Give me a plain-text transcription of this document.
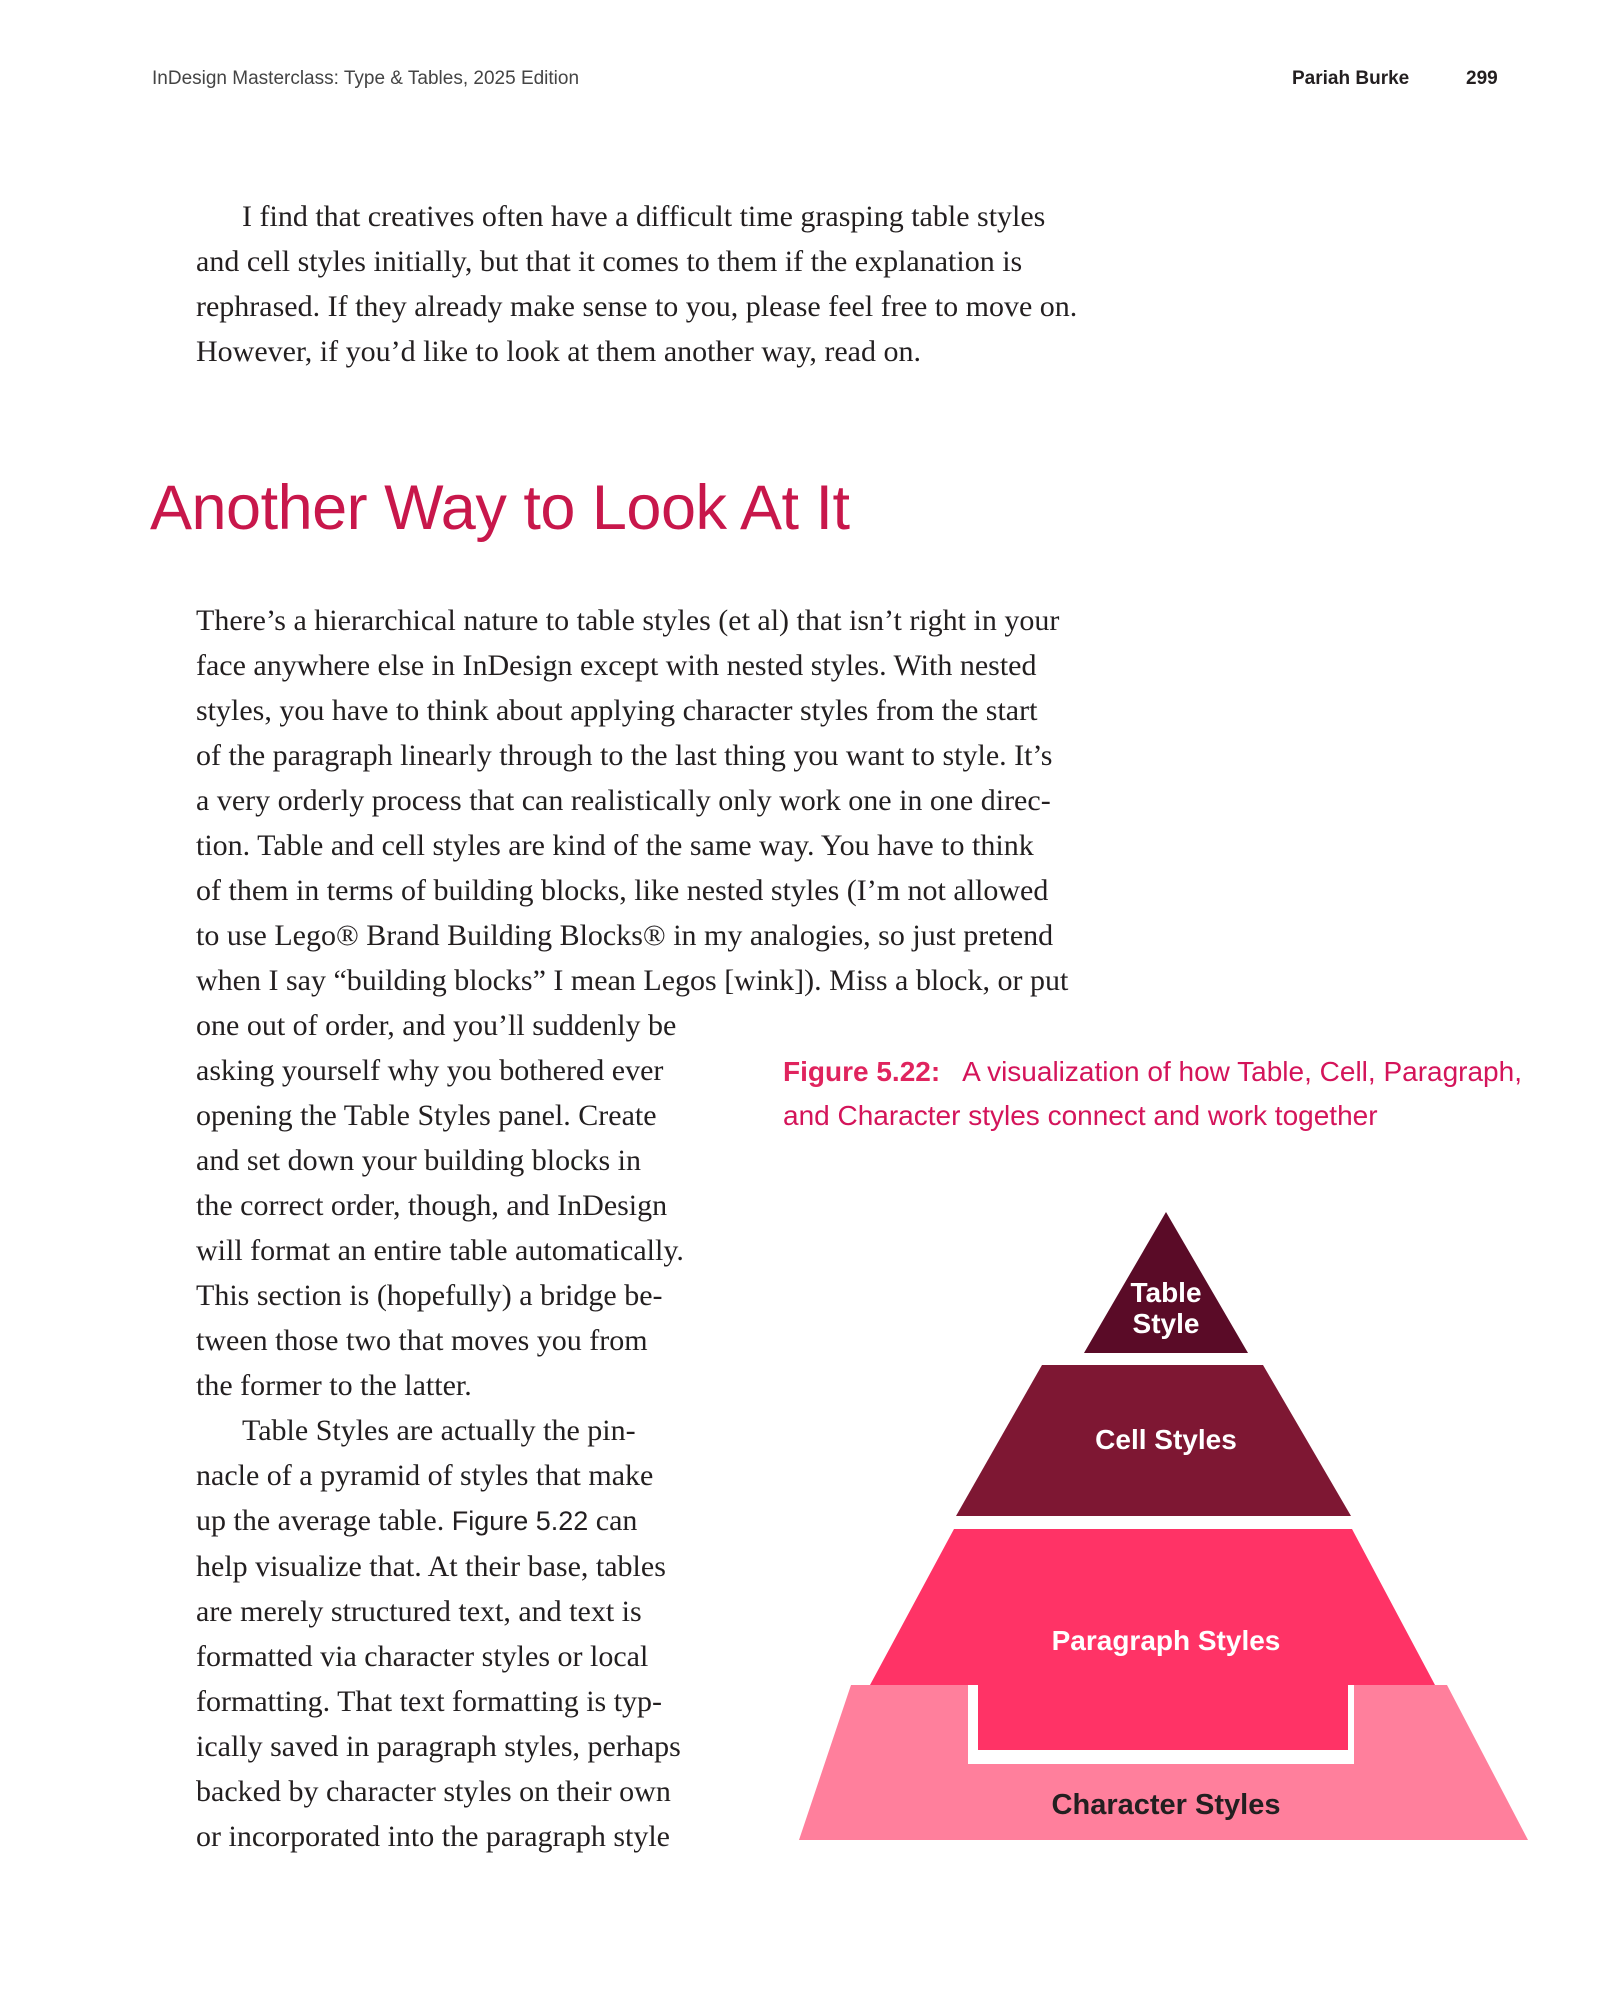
InDesign Masterclass: Type & Tables, 2025 Edition	Pariah Burke	299

I find that creatives often have a difficult time grasping table styles
and cell styles initially, but that it comes to them if the explanation is
rephrased. If they already make sense to you, please feel free to move on.
However, if you’d like to look at them another way, read on.

Another Way to Look At It

There’s a hierarchical nature to table styles (et al) that isn’t right in your
face anywhere else in InDesign except with nested styles. With nested
styles, you have to think about applying character styles from the start
of the paragraph linearly through to the last thing you want to style. It’s
a very orderly process that can realistically only work one in one direc-
tion. Table and cell styles are kind of the same way. You have to think
of them in terms of building blocks, like nested styles (I’m not allowed
to use Lego® Brand Building Blocks® in my analogies, so just pretend
when I say “building blocks” I mean Legos [wink]). Miss a block, or put
one out of order, and you’ll suddenly be
asking yourself why you bothered ever
opening the Table Styles panel. Create
and set down your building blocks in
the correct order, though, and InDesign
will format an entire table automatically.
This section is (hopefully) a bridge be-
tween those two that moves you from
the former to the latter.

Table Styles are actually the pin-
nacle of a pyramid of styles that make
up the average table. Figure 5.22 can
help visualize that. At their base, tables
are merely structured text, and text is
formatted via character styles or local
formatting. That text formatting is typ-
ically saved in paragraph styles, perhaps
backed by character styles on their own
or incorporated into the paragraph style

Figure 5.22: A visualization of how Table, Cell, Paragraph, and Character styles connect and work together

Table
Style
Cell Styles
Paragraph Styles
Character Styles
